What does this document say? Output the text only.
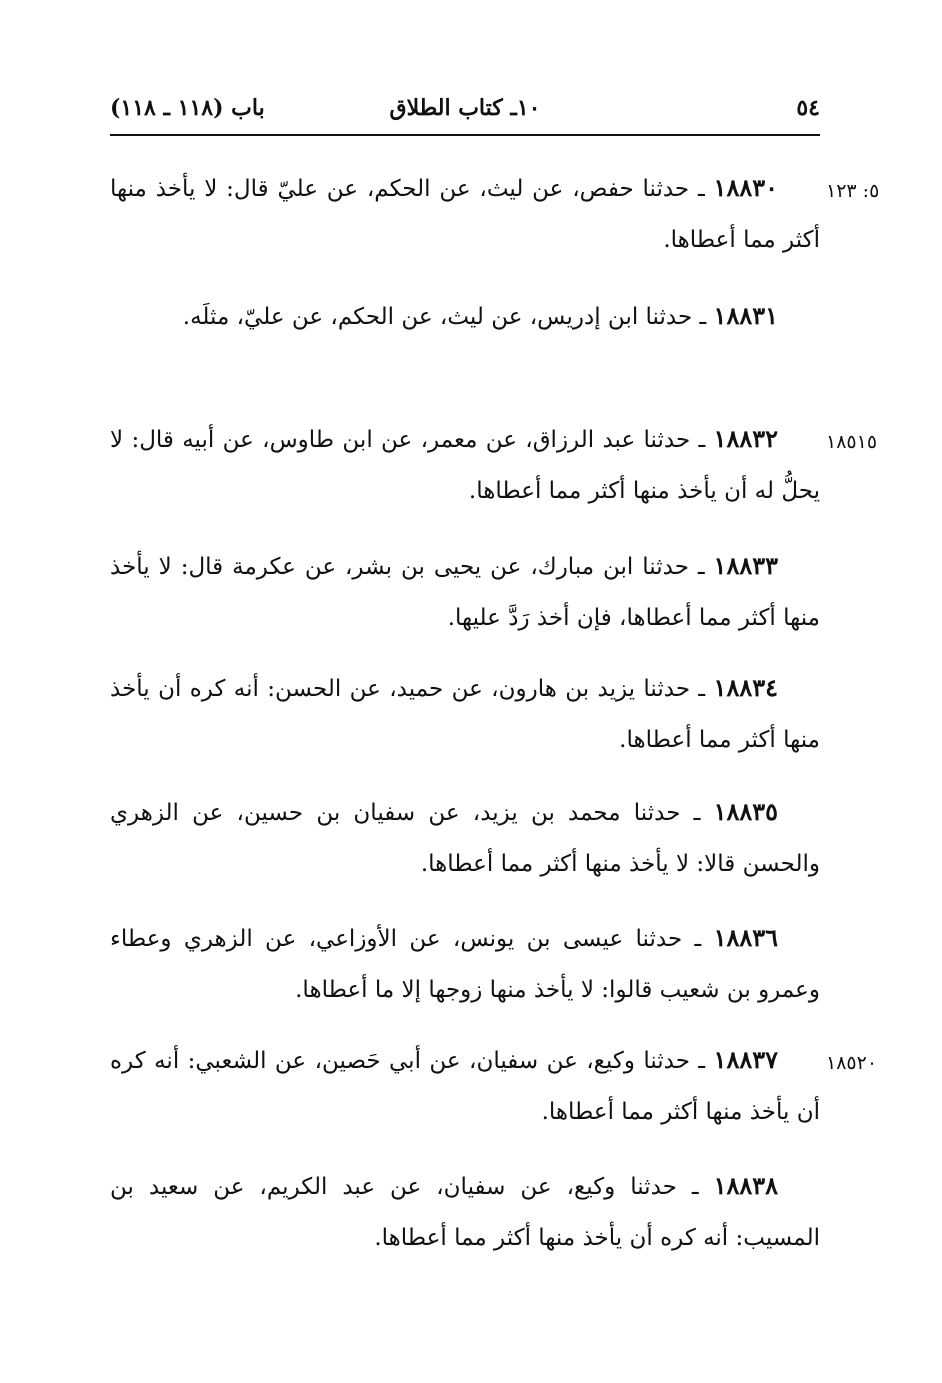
٥٤
١٠ـ كتاب الطلاق
باب (١١٨ ـ ١١٨)
٥: ١٢٣

١٨٨٣٠ ـ حدثنا حفص، عن ليث، عن الحكم، عن عليّ قال: لا يأخذ منها أكثر مما أعطاها.

١٨٨٣١ ـ حدثنا ابن إدريس، عن ليث، عن الحكم، عن عليّ، مثلَه.

١٨٥١٥

١٨٨٣٢ ـ حدثنا عبد الرزاق، عن معمر، عن ابن طاوس، عن أبيه قال: لا يحلُّ له أن يأخذ منها أكثر مما أعطاها.

١٨٨٣٣ ـ حدثنا ابن مبارك، عن يحيى بن بشر، عن عكرمة قال: لا يأخذ منها أكثر مما أعطاها، فإن أخذ رَدَّ عليها.

١٨٨٣٤ ـ حدثنا يزيد بن هارون، عن حميد، عن الحسن: أنه كره أن يأخذ منها أكثر مما أعطاها.

١٨٨٣٥ ـ حدثنا محمد بن يزيد، عن سفيان بن حسين، عن الزهري والحسن قالا: لا يأخذ منها أكثر مما أعطاها.

١٨٨٣٦ ـ حدثنا عيسى بن يونس، عن الأوزاعي، عن الزهري وعطاء وعمرو بن شعيب قالوا: لا يأخذ منها زوجها إلا ما أعطاها.

١٨٥٢٠

١٨٨٣٧ ـ حدثنا وكيع، عن سفيان، عن أبي حَصين، عن الشعبي: أنه كره أن يأخذ منها أكثر مما أعطاها.

١٨٨٣٨ ـ حدثنا وكيع، عن سفيان، عن عبد الكريم، عن سعيد بن المسيب: أنه كره أن يأخذ منها أكثر مما أعطاها.
